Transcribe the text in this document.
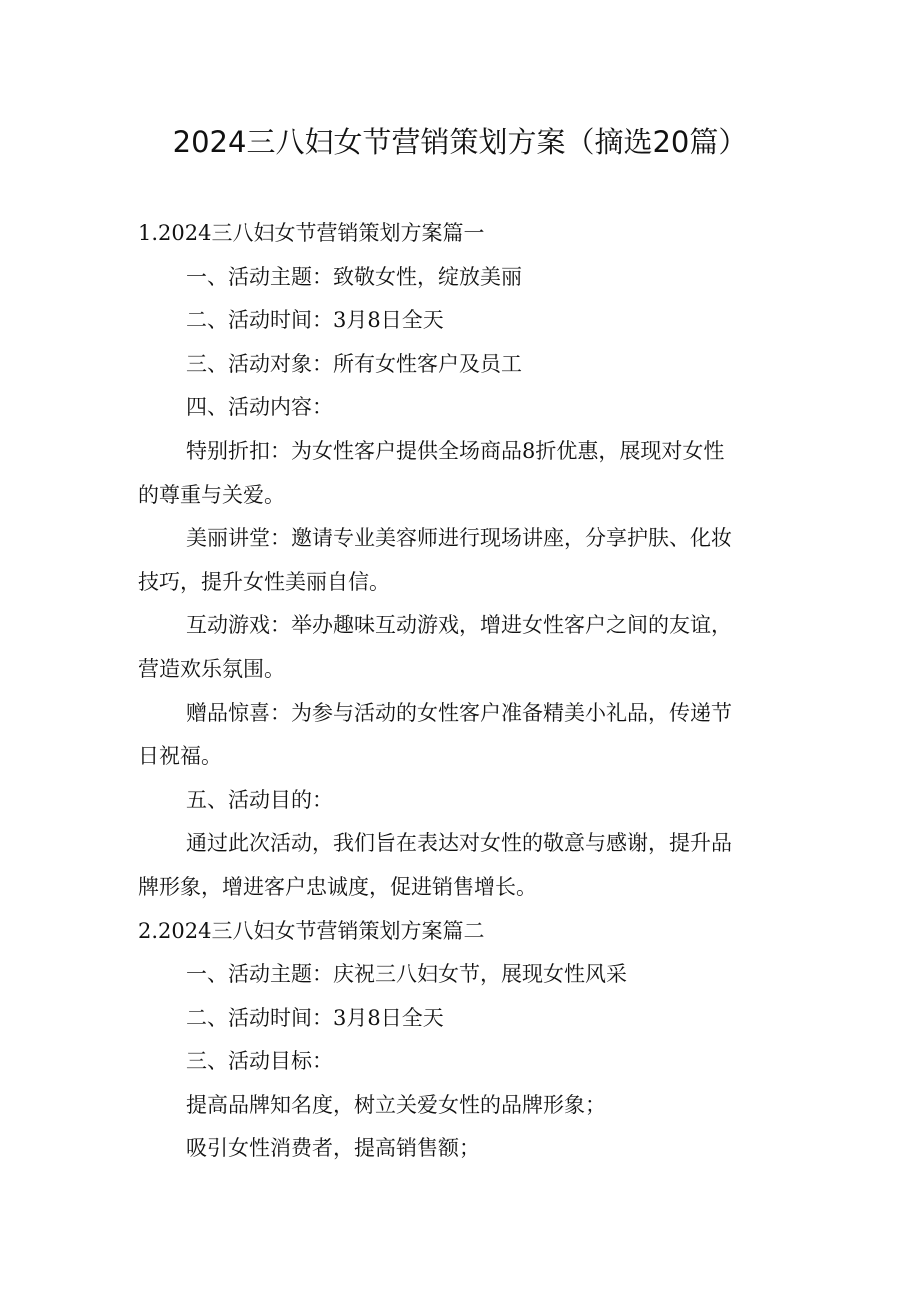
2024三八妇女节营销策划方案（摘选20篇）

1.2024三八妇女节营销策划方案篇一

一、活动主题：致敬女性，绽放美丽

二、活动时间：3月8日全天

三、活动对象：所有女性客户及员工

四、活动内容：

特别折扣：为女性客户提供全场商品8折优惠，展现对女性

的尊重与关爱。

美丽讲堂：邀请专业美容师进行现场讲座，分享护肤、化妆

技巧，提升女性美丽自信。

互动游戏：举办趣味互动游戏，增进女性客户之间的友谊，

营造欢乐氛围。

赠品惊喜：为参与活动的女性客户准备精美小礼品，传递节

日祝福。

五、活动目的：

通过此次活动，我们旨在表达对女性的敬意与感谢，提升品

牌形象，增进客户忠诚度，促进销售增长。

2.2024三八妇女节营销策划方案篇二

一、活动主题：庆祝三八妇女节，展现女性风采

二、活动时间：3月8日全天

三、活动目标：

提高品牌知名度，树立关爱女性的品牌形象；

吸引女性消费者，提高销售额；
